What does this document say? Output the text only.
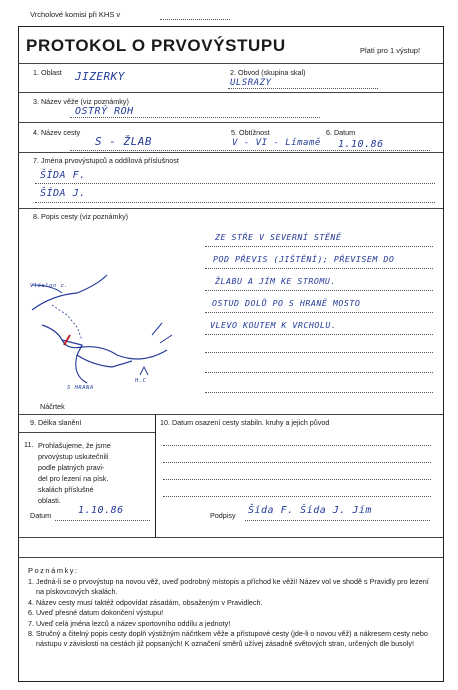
Vrcholové komisi při KHS v
PROTOKOL O PRVOVÝSTUPU	Platí pro 1 výstup!
1. Oblast JIZERKY	2. Obvod (skupina skal)
ULSRAZY
3. Název věže (viz poznámky)
OSTRÝ ROH
4. Název cesty
S - ŽLAB
5. Obtížnost
V - VI - Límamě
6. Datum
1.10.86
7. Jména prvovýstupců a oddílová příslušnost
ŠÍDA F.
ŠÍDA J.
8. Popis cesty (viz poznámky)
ZE STŘE V SEVERNÍ STĚNĚ
POD PŘEVIS (JIŠTĚNÍ); PŘEVISEM DO
ŽLABU A JÍM KE STROMU.
OSTUD DOLŮ PO S HRANĚ MOSTO
VLEVO KOUTEM K VRCHOLU.
Vlčelon c.
S HRANA
H.C
Náčrtek
9. Délka slanění	10. Datum osazení cesty stabiln. kruhy a jejich původ
11. Prohlašujeme, že jsme
prvovýstup uskutečnili
podle platných pravi-
del pro lezení na písk.
skalách příslušné
oblasti.
Datum	1.10.86	Podpisy Šída F. Šída J. Jím
Poznámky:
1. Jedná-li se o prvovýstup na novou věž, uveď podrobný místopis a příchod ke věži! Název vol ve shodě s Pravidly pro lezení na pískovcových skalách.
4. Název cesty musí taktéž odpovídat zásadám, obsaženým v Pravidlech.
6. Uveď přesné datum dokončení výstupu!
7. Uveď celá jména lezců a název sportovního oddílu a jednoty!
8. Stručný a čitelný popis cesty doplň výstižným náčrtkem věže a přístupové cesty (jde-li o novou věž) a nákresem cesty nebo nástupu v závislosti na cestách již popsaných! K označení směrů užívej zásadně světových stran, určených dle busoly!
